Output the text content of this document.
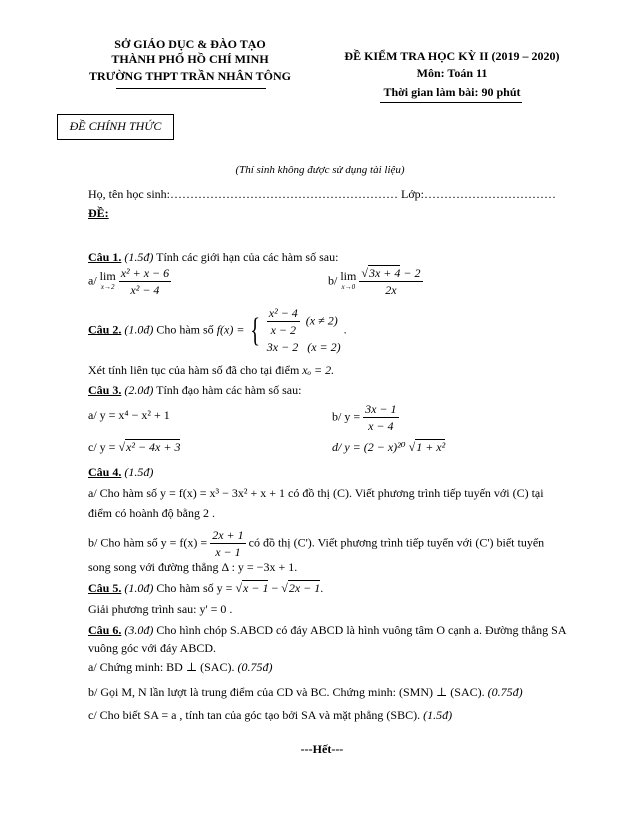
SỞ GIÁO DỤC & ĐÀO TẠO
THÀNH PHỐ HỒ CHÍ MINH
TRƯỜNG THPT TRẦN NHÂN TÔNG
ĐỀ KIỂM TRA HỌC KỲ II (2019 – 2020)
Môn: Toán 11
Thời gian làm bài: 90 phút
ĐỀ CHÍNH THỨC
(Thí sinh không được sử dụng tài liệu)
Họ, tên học sinh:………………………………………………… Lớp:……………………………
ĐỀ:
Câu 1. (1.5đ) Tính các giới hạn của các hàm số sau:
a/ lim
x→2
$\frac{\text{x² + x − 6}}{\text{x² − 4}}$	b/ lim
x→0
$\frac{√3x + 4 - 2}{2x}$
Câu 2. (1.0đ) Cho hàm số f(x) = { $\frac{\text{x² − 4}}{x - 2} (x \ne 2)$
3x − 2 (x = 2)
.
Xét tính liên tục của hàm số đã cho tại điểm xₒ = 2.
Câu 3. (2.0đ) Tính đạo hàm các hàm số sau:
a/ y = x⁴ − x² + 1	b/ $y = \frac{3x - 1}{x - 4}$
c/ y = √x² − 4x + 3	d/ y = (2 − x)²⁰ √1 + x²
Câu 4. (1.5đ)
a/ Cho hàm số y = f(x) = x³ − 3x² + x + 1 có đồ thị (C). Viết phương trình tiếp tuyến với (C) tại
điểm có hoành độ bằng 2 .
b/ Cho hàm số $y = f(x) = \frac{2x + 1}{x - 1}$ có đồ thị (C'). Viết phương trình tiếp tuyến với (C') biết tuyến
song song với đường thẳng Δ : y = −3x + 1.
Câu 5. (1.0đ) Cho hàm số y = √x − 1 − √2x − 1.
Giải phương trình sau: y' = 0 .
Câu 6. (3.0đ) Cho hình chóp S.ABCD có đáy ABCD là hình vuông tâm O cạnh a. Đường thẳng SA
vuông góc với đáy ABCD.
a/ Chứng minh: BD ⊥ (SAC). (0.75đ)
b/ Gọi M, N lần lượt là trung điểm của CD và BC. Chứng minh: (SMN) ⊥ (SAC). (0.75đ)
c/ Cho biết SA = a , tính tan của góc tạo bởi SA và mặt phẳng (SBC). (1.5đ)
---Hết---
